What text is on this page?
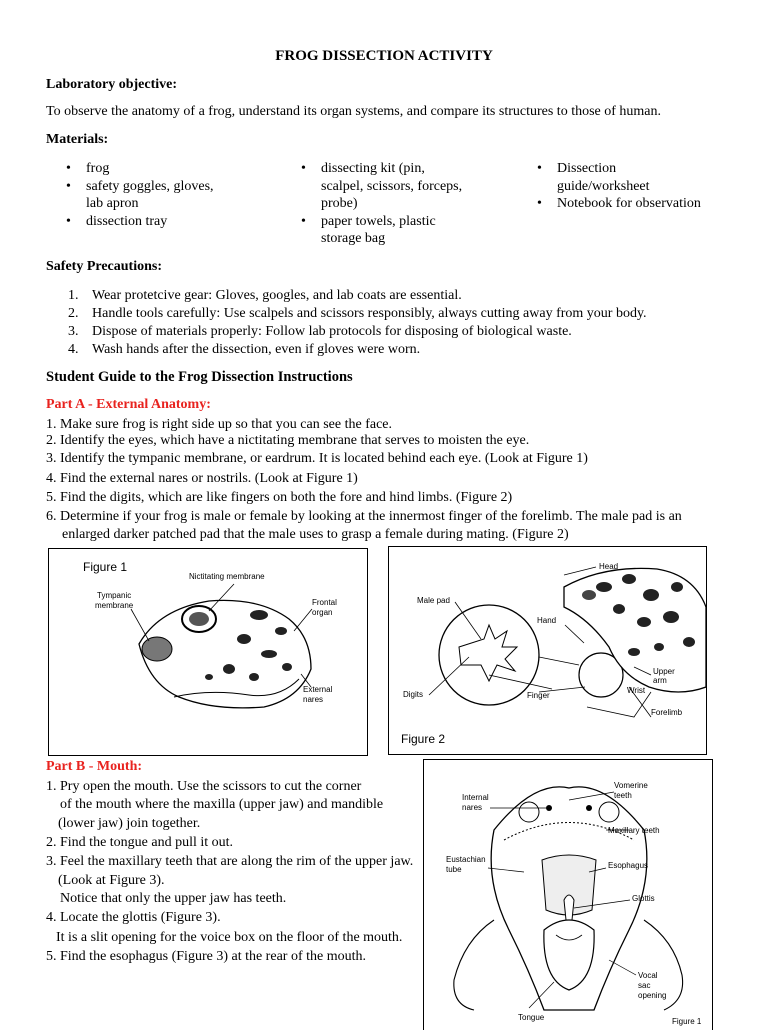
FROG DISSECTION ACTIVITY
Laboratory objective:
To observe the anatomy of a frog, understand its organ systems, and compare its structures to those of human.
Materials:
• frog
• safety goggles, gloves,
lab apron
• dissection tray
• dissecting kit (pin,
scalpel, scissors, forceps,
probe)
• paper towels, plastic
storage bag
• Dissection
guide/worksheet
• Notebook for observation
Safety Precautions:
1. Wear protetcive gear: Gloves, googles, and lab coats are essential.
2. Handle tools carefully: Use scalpels and scissors responsibly, always cutting away from your body.
3. Dispose of materials properly: Follow lab protocols for disposing of biological waste.
4. Wash hands after the dissection, even if gloves were worn.
Student Guide to the Frog Dissection Instructions
Part A - External Anatomy:
1. Make sure frog is right side up so that you can see the face.
2. Identify the eyes, which have a nictitating membrane that serves to moisten the eye.
3. Identify the tympanic membrane, or eardrum. It is located behind each eye. (Look at Figure 1)
4. Find the external nares or nostrils. (Look at Figure 1)
5. Find the digits, which are like fingers on both the fore and hind limbs. (Figure 2)
6. Determine if your frog is male or female by looking at the innermost finger of the forelimb. The male pad is an
enlarged darker patched pad that the male uses to grasp a female during mating. (Figure 2)
Figure 1
Nictitating membrane
Tympanic
membrane	Frontal
organ
External
nares
Male pad
Hand
Head
Upper
arm
Wrist
Digits	Finger
Forelimb
Figure 2
Part B - Mouth:
1. Pry open the mouth. Use the scissors to cut the corner
of the mouth where the maxilla (upper jaw) and mandible
(lower jaw) join together.
2. Find the tongue and pull it out.
3. Feel the maxillary teeth that are along the rim of the upper jaw.
(Look at Figure 3).
Notice that only the upper jaw has teeth.
4. Locate the glottis (Figure 3).
It is a slit opening for the voice box on the floor of the mouth.
5. Find the esophagus (Figure 3) at the rear of the mouth.
Vomerine
teeth
Internal
nares
Maxillary teeth
Eustachian
tube	Esophagus
Glottis
Vocal
sac
opening
Tongue	Figure 1
